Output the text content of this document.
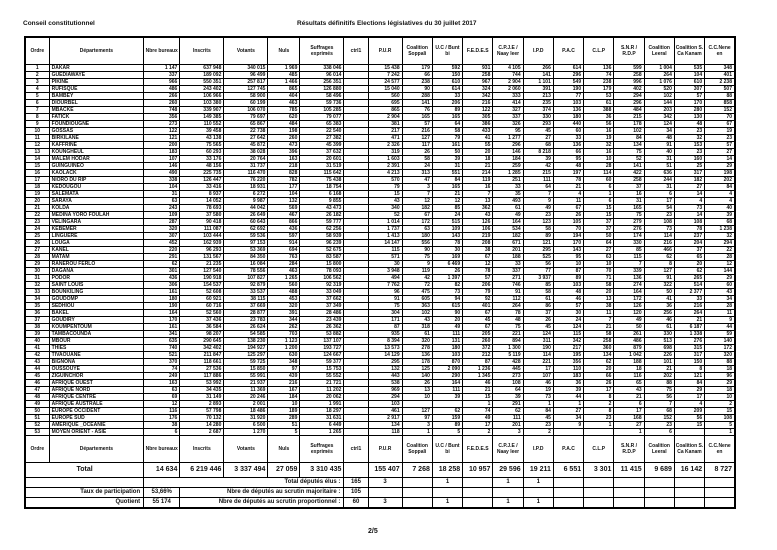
Conseil constitutionnel	Résultats définitifs Elections législatives du 30 juillet 2017
Ordre	Départements	Nbre bureaux	Inscrits	Votants	Nuls	Suffrages exprimés	ctrl1	P.U.R	Coalition Soppali	U.C / Bunt bi	F.E.D.E.S	C.P.J.E / Naay leer	I.P.D	P.A.C	C.L.P	S.N.R / R.D.P	Coalition Leeral	Coalition S. Ca Kanam	C.C.Nene en
1	DAKAR	1 147	637 948	340 015	1 969	338 046		15 438	179	592	931	4 105	266	614	136	599	1 004	535	348
2	GUEDIAWAYE	337	189 092	96 499	485	96 014		7 242	66	150	258	744	141	296	74	258	264	104	401
3	PIKINE	966	550 351	257 817	1 466	256 351		24 577	238	610	967	2 904	1 101	549	238	996	1 076	610	2 238
4	RUFISQUE	486	243 402	127 745	865	126 880		15 040	90	614	324	2 060	391	190	179	402	520	307	507
5	BAMBEY	266	106 966	58 900	404	58 496		560	288	33	342	333	213	77	53	294	102	57	88
6	DIOURBEL	260	103 380	60 199	463	59 736		695	141	206	216	414	235	103	61	296	144	170	858
7	MBACKE	748	339 907	106 070	785	105 285		865	76	89	122	327	374	136	388	484	203	280	152
8	FATICK	356	149 385	79 697	620	79 077		2 904	165	165	305	337	330	180	36	215	342	130	70
9	FOUNDIOUGNE	273	110 552	65 867	484	65 383		381	57	64	386	326	293	440	56	178	124	48	67
10	GOSSAS	122	39 458	22 738	198	22 540		217	216	58	433	95	45	60	16	102	34	23	19
11	BIRKILANE	121	43 138	27 642	260	27 382		471	127	79	41	1 277	27	33	19	84	48	32	23
12	KAFFRINE	200	75 565	45 872	473	45 399		2 326	117	161	55	296	68	136	32	134	91	153	57
13	KOUNGHEUL	183	60 293	38 028	396	37 632		319	26	50	20	146	8 218	66	16	75	40	23	27
14	MALEM HODAR	107	33 176	20 764	163	20 601		1 603	58	39	18	184	39	95	10	52	31	160	14
15	GUINGUINEO	146	48 156	31 737	218	31 519		2 391	24	31	21	259	42	48	28	141	51	25	29
16	KAOLACK	490	225 735	116 470	828	115 642		4 213	313	551	214	1 285	215	197	114	422	636	317	198
17	NIORO DU RIP	338	126 447	76 220	782	75 438		570	47	84	119	251	111	78	60	258	244	182	202
18	KEDOUGOU	104	33 416	18 931	177	18 754		79	3	165	16	33	64	21	6	37	31	27	84
19	SALEMATA	31	8 937	6 272	104	6 168		15	7	21	7	35	7	4	1	16	6	14	4
20	SARAYA	63	14 052	9 987	132	9 855		43	12	12	13	493	9	11	6	31	17	4	4
21	KOLDA	243	78 693	44 042	569	43 473		340	182	85	362	61	49	67	15	165	54	73	40
22	MEDINA YORO FOULAH	109	37 580	26 649	467	26 182		52	67	24	43	49	23	26	15	75	23	14	39
23	VELINGARA	287	90 418	60 643	866	59 777		1 014	172	515	126	164	123	105	37	279	108	108	68
24	KEBEMER	320	111 087	62 692	436	62 256		1 737	63	109	106	534	58	70	37	276	73	78	1 238
25	LINGUERE	307	103 444	59 536	597	58 939		1 413	180	143	219	182	89	194	50	174	114	237	32
26	LOUGA	452	162 939	97 153	914	96 239		14 147	556	78	208	671	121	170	64	330	216	204	294
27	KANEL	220	96 293	53 369	694	52 675		115	90	30	38	201	295	143	27	85	466	37	22
28	MATAM	291	131 567	84 350	763	83 587		571	75	169	67	188	525	95	63	115	62	65	28
29	RANEROU FERLO	62	21 235	16 084	284	15 800		30	9	6 469	12	33	56	10	10	7	8	20	12
30	DAGANA	301	127 540	78 556	463	78 093		3 948	119	26	78	337	77	87	70	339	127	62	144
31	PODOR	436	190 918	107 827	1 265	106 562		494	42	1 397	57	271	3 937	89	71	136	91	265	29
32	SAINT LOUIS	306	154 537	92 879	560	92 319		7 762	72	82	206	746	85	103	58	274	322	514	60
33	BOUNKILING	161	52 608	33 537	488	33 049		96	475	73	79	91	58	48	20	164	50	2 377	43
34	GOUDOMP	180	60 921	38 115	453	37 662		91	605	94	92	112	61	46	13	172	41	33	34
35	SEDHIOU	190	60 716	37 669	320	37 349		75	363	615	401	264	86	57	38	126	36	216	28
36	BAKEL	164	52 560	28 877	391	28 486		304	102	90	67	78	37	30	11	120	256	264	11
37	GOUDIRY	170	37 436	23 783	344	23 439		171	43	20	45	48	26	24	7	49	46	21	9
38	KOUMPENTOUM	161	36 584	26 624	262	26 362		87	318	49	67	75	45	124	21	50	61	6 187	44
39	TAMBACOUNDA	341	98 207	54 585	703	53 882		935	61	111	205	221	124	115	58	261	330	1 338	59
40	MBOUR	635	290 645	138 230	1 123	137 107		8 394	320	131	260	894	311	342	258	486	513	276	140
41	THIES	740	342 402	194 927	1 200	193 727		13 573	278	180	372	1 300	190	217	360	879	698	315	172
42	TIVAOUANE	521	211 847	125 297	630	124 667		14 129	136	103	212	5 119	114	195	134	1 042	226	317	320
43	BIGNONA	370	118 661	59 725	348	59 377		295	178	870	87	428	221	356	62	188	101	150	88
44	OUSSOUYE	74	27 536	15 850	97	15 753		132	125	2 090	1 236	445	17	110	20	18	21	8	18
45	ZIGUINCHOR	249	117 886	55 991	439	55 552		443	140	290	1 345	273	107	183	66	116	202	121	96
46	AFRIQUE OUEST	163	53 992	21 937	216	21 721		538	26	164	46	108	46	36	26	65	88	84	29
47	AFRIQUE NORD	63	34 435	11 369	167	11 202		969	13	111	21	64	19	39	17	43	75	29	18
48	AFRIQUE CENTRE	69	31 149	20 246	184	20 062		294	10	39	15	39	73	44	8	21	56	17	10
49	AFRIQUE AUSTRALE	12	2 893	2 001	10	1 991		103			1	291	1	1	2	6	7	4	2
50	EUROPE OCCIDENT	116	57 798	18 486	189	18 297		461	127	62	74	62	84	27	8	17	68	209	15
51	EUROPE SUD	176	70 132	31 920	289	31 631		2 917	97	159	49	111	45	34	23	168	152	56	108
52	AMÉRIQUE _OCÉANIE	38	14 280	6 500	51	6 449		134	3	89	17	201	23	9	1	27	23	15	5
53	MOYEN ORIENT - ASIE	6	2 687	1 270	5	1 265		118	1	5	2	3	2			1	6		1
Ordre	Départements	Nbre bureaux	Inscrits	Votants	Nuls	Suffrages exprimés	ctrl1	P.U.R	Coalition Soppali	U.C / Bunt bi	F.E.D.E.S	C.P.J.E / Naay leer	I.P.D	P.A.C	C.L.P	S.N.R / R.D.P	Coalition Leeral	Coalition S. Ca Kanam	C.C.Nene en
Total		14 634	6 219 446	3 337 494	27 059	3 310 435		155 407	7 268	18 258	10 957	29 596	19 211	6 551	3 301	11 415	9 689	16 142	8 727
		Total députés élus :					165	3		1		1	1						
Taux de participation		53,66%	Nbre de députés au scrutin majoritaire :				105												
Quotient		55 174	Nbre de députés au scrutin proportionnel :				60	3		1		1	1						
2/5
